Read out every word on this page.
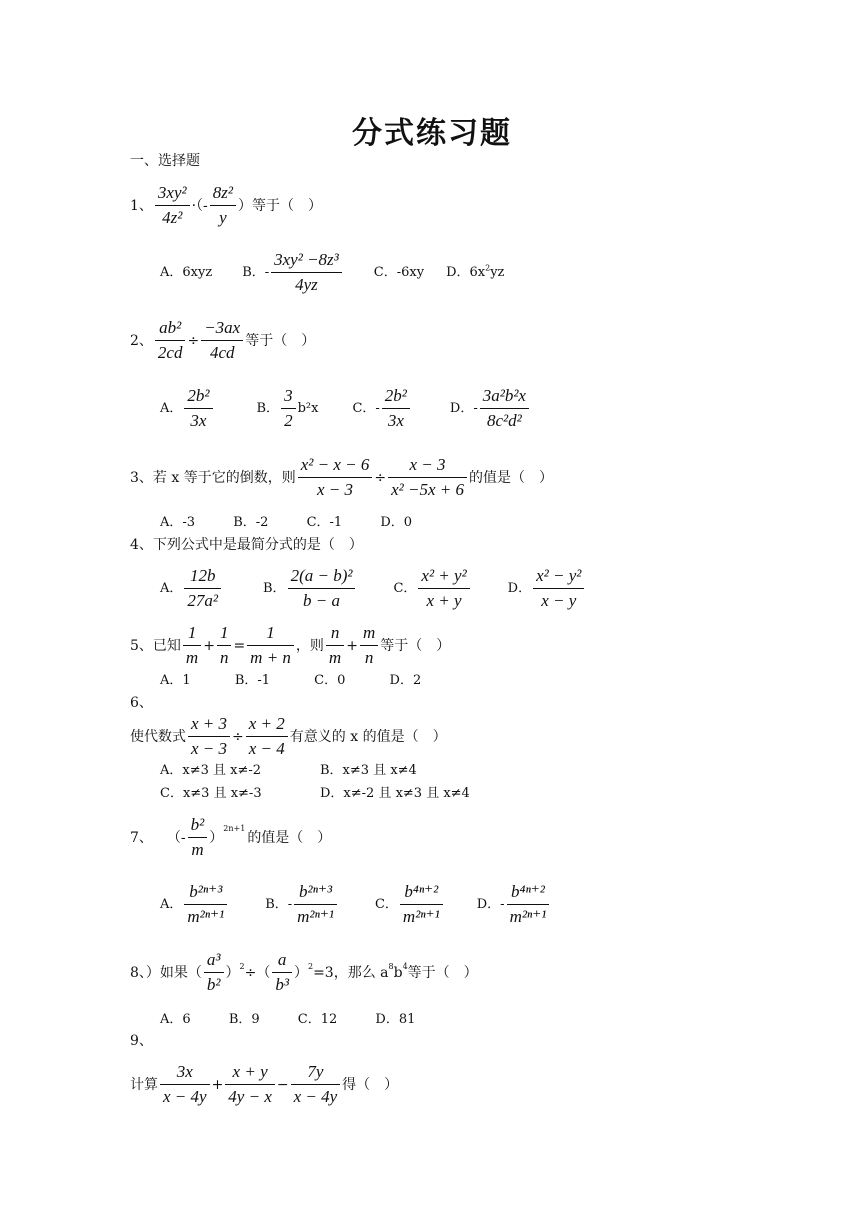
分式练习题
一、选择题
1、 $\frac{\text{3xy²}}{\text{4z²}}$ ·（- $\frac{\text{8z²}}{y}$ ）等于（　）
A．6xyz B．- $\frac{\text{3xy² −8z³}}{4yz}$ C．-6xy D．$6x^2yz$
2、 $\frac{\text{ab²}}{2cd} \div \frac{-3ax}{4cd}$ 等于（　）
A． $\frac{\text{2b²}}{3x}$	B． $\frac{3}{2} b^2x$	C．- $\frac{\text{2b²}}{3x}$	D．- $\frac{\text{3a²b²x}}{\text{8c²d²}}$
3、若 x 等于它的倒数，则 $\frac{\text{x² − x − 6}}{x - 3} \div \frac{x - 3}{\text{x² −5x + 6}}$ 的值是（　）
A．-3	B．-2	C．-1	D．0
4、下列公式中是最简分式的是（　）
A． $\frac{12b}{\text{27a²}}$	B． $\frac{\text{2(a − b)²}}{b - a}$	C． $\frac{\text{x² + y²}}{x + y}$	D． $\frac{\text{x² − y²}}{x - y}$
5、已知 $\frac{1}{m} + \frac{1}{n} = \frac{1}{m + n}$ ，则 $\frac{n}{m} + \frac{m}{n}$ 等于（　）
A．1	B．-1	C．0	D．2
6、
使代数式 $\frac{x + 3}{x - 3} \div \frac{x + 2}{x - 4}$ 有意义的 x 的值是（　）
A．x≠3 且 x≠-2	B．x≠3 且 x≠4
C．x≠3 且 x≠-3	D．x≠-2 且 x≠3 且 x≠4
7、 （- $\frac{\text{b²}}{m}$ ）
2n+1
的值是（　）
A． $\frac{\text{b²ⁿ⁺³}}{\text{m²ⁿ⁺¹}}$	B．- $\frac{\text{b²ⁿ⁺³}}{\text{m²ⁿ⁺¹}}$	C． $\frac{\text{b⁴ⁿ⁺²}}{\text{m²ⁿ⁺¹}}$	D．- $\frac{\text{b⁴ⁿ⁺²}}{\text{m²ⁿ⁺¹}}$
8、）如果（ $\frac{\text{a³}}{\text{b²}}$ ） 2 ÷（ $\frac{a}{\text{b³}}$ ） 2 =3，那么 a 8 b 4 等于（　）
A．6	B．9	C．12	D．81
9、
计算 $\frac{3x}{x - 4y} + \frac{x + y}{4y - x} - \frac{7y}{x - 4y}$ 得（　）
